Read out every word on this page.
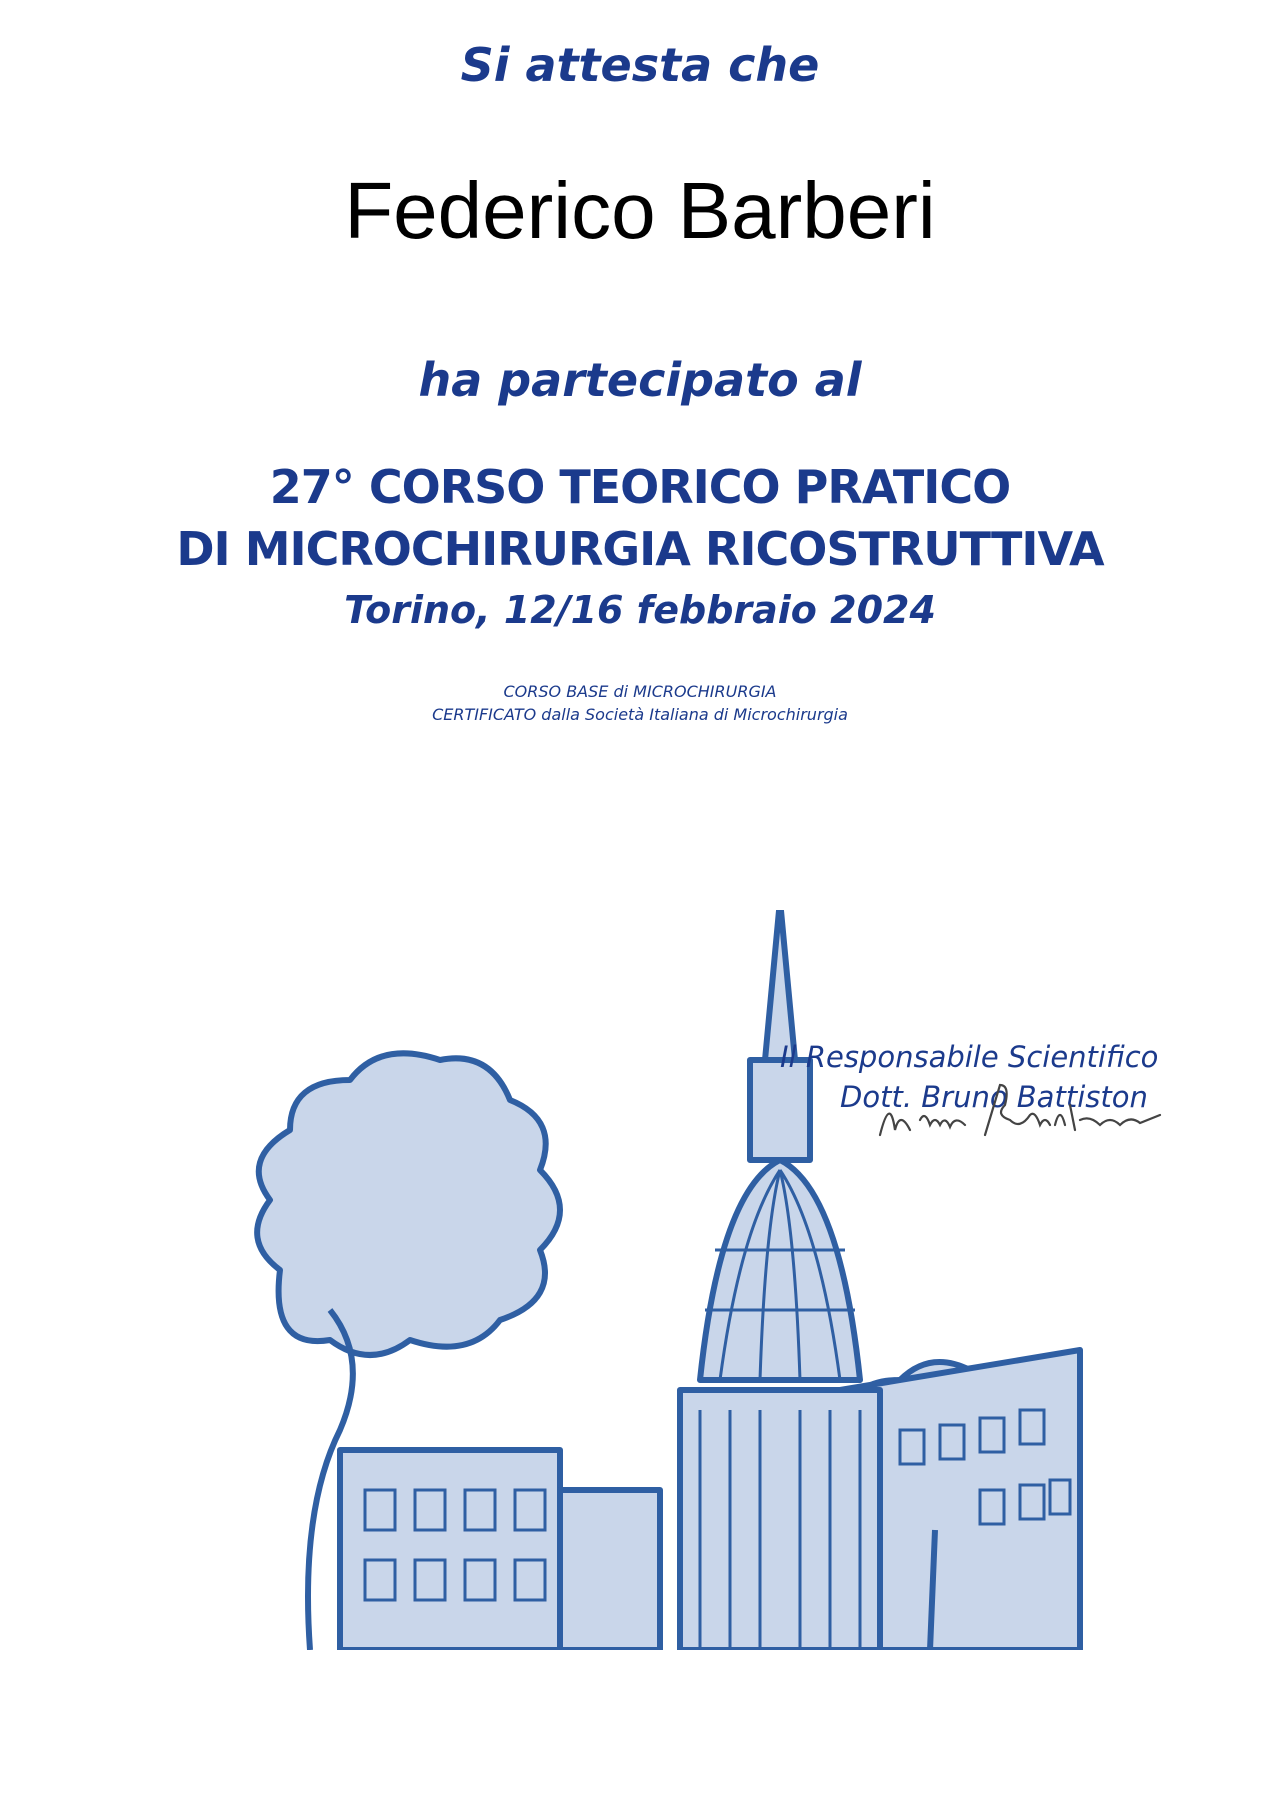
Si attesta che
Federico Barberi
ha partecipato al
27° CORSO TEORICO PRATICO
DI MICROCHIRURGIA RICOSTRUTTIVA
Torino, 12/16 febbraio 2024
CORSO BASE di MICROCHIRURGIA
CERTIFICATO dalla Società Italiana di Microchirurgia
Il Responsabile Scientifico
Dott. Bruno Battiston
